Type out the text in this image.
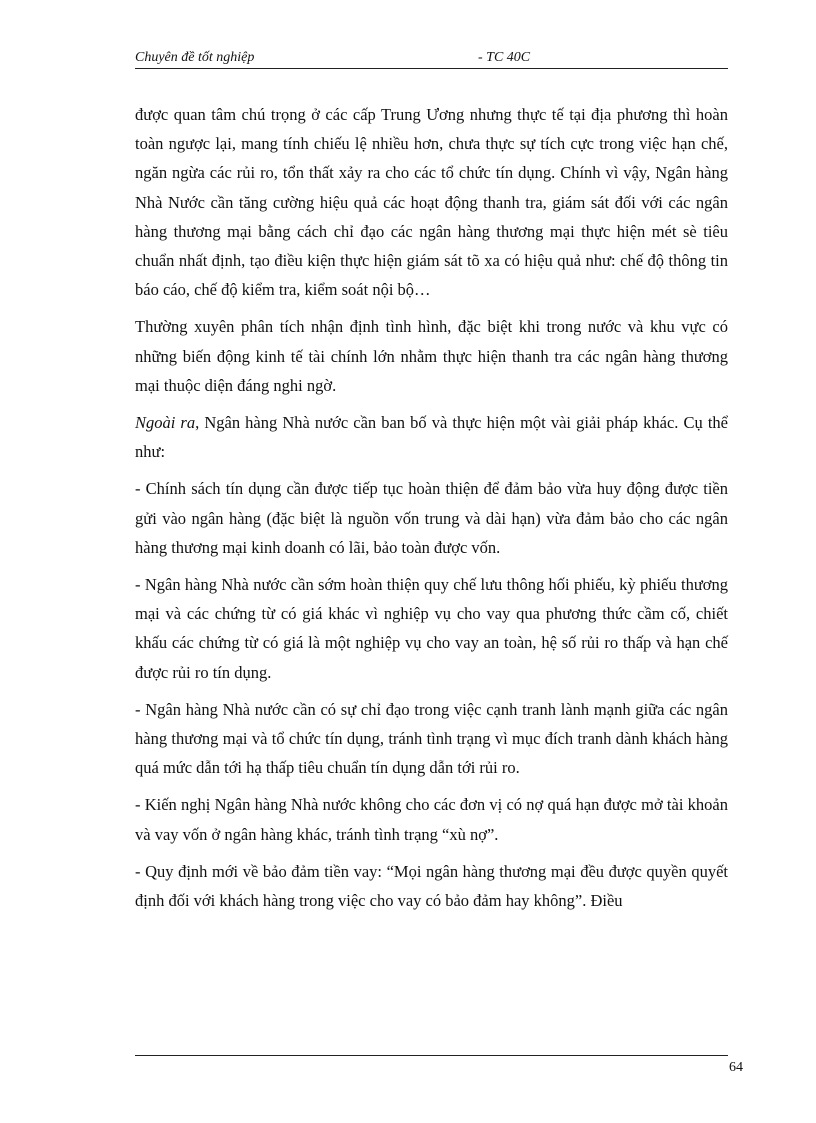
Chuyên đề tốt nghiệp	- TC 40C

được quan tâm chú trọng ở các cấp Trung Ương nhưng thực tế tại địa phương thì hoàn toàn ngược lại, mang tính chiếu lệ nhiều hơn, chưa thực sự tích cực trong việc hạn chế, ngăn ngừa các rủi ro, tổn thất xảy ra cho các tổ chức tín dụng. Chính vì vậy, Ngân hàng Nhà Nước cần tăng cường hiệu quả các hoạt động thanh tra, giám sát đối với các ngân hàng thương mại bằng cách chỉ đạo các ngân hàng thương mại thực hiện mét sè tiêu chuẩn nhất định, tạo điều kiện thực hiện giám sát tõ xa có hiệu quả như: chế độ thông tin báo cáo, chế độ kiểm tra, kiểm soát nội bộ…

Thường xuyên phân tích nhận định tình hình, đặc biệt khi trong nước và khu vực có những biến động kinh tế tài chính lớn nhằm thực hiện thanh tra các ngân hàng thương mại thuộc diện đáng nghi ngờ.

Ngoài ra, Ngân hàng Nhà nước cần ban bố và thực hiện một vài giải pháp khác. Cụ thể như:

- Chính sách tín dụng cần được tiếp tục hoàn thiện để đảm bảo vừa huy động được tiền gửi vào ngân hàng (đặc biệt là nguồn vốn trung và dài hạn) vừa đảm bảo cho các ngân hàng thương mại kinh doanh có lãi, bảo toàn được vốn.

- Ngân hàng Nhà nước cần sớm hoàn thiện quy chế lưu thông hối phiếu, kỳ phiếu thương mại và các chứng từ có giá khác vì nghiệp vụ cho vay qua phương thức cầm cố, chiết khấu các chứng từ có giá là một nghiệp vụ cho vay an toàn, hệ số rủi ro thấp và hạn chế được rủi ro tín dụng.

- Ngân hàng Nhà nước cần có sự chỉ đạo trong việc cạnh tranh lành mạnh giữa các ngân hàng thương mại và tổ chức tín dụng, tránh tình trạng vì mục đích tranh dành khách hàng quá mức dẫn tới hạ thấp tiêu chuẩn tín dụng dẫn tới rủi ro.

- Kiến nghị Ngân hàng Nhà nước không cho các đơn vị có nợ quá hạn được mở tài khoản và vay vốn ở ngân hàng khác, tránh tình trạng “xù nợ”.

- Quy định mới về bảo đảm tiền vay: “Mọi ngân hàng thương mại đều được quyền quyết định đối với khách hàng trong việc cho vay có bảo đảm hay không”. Điều

64
